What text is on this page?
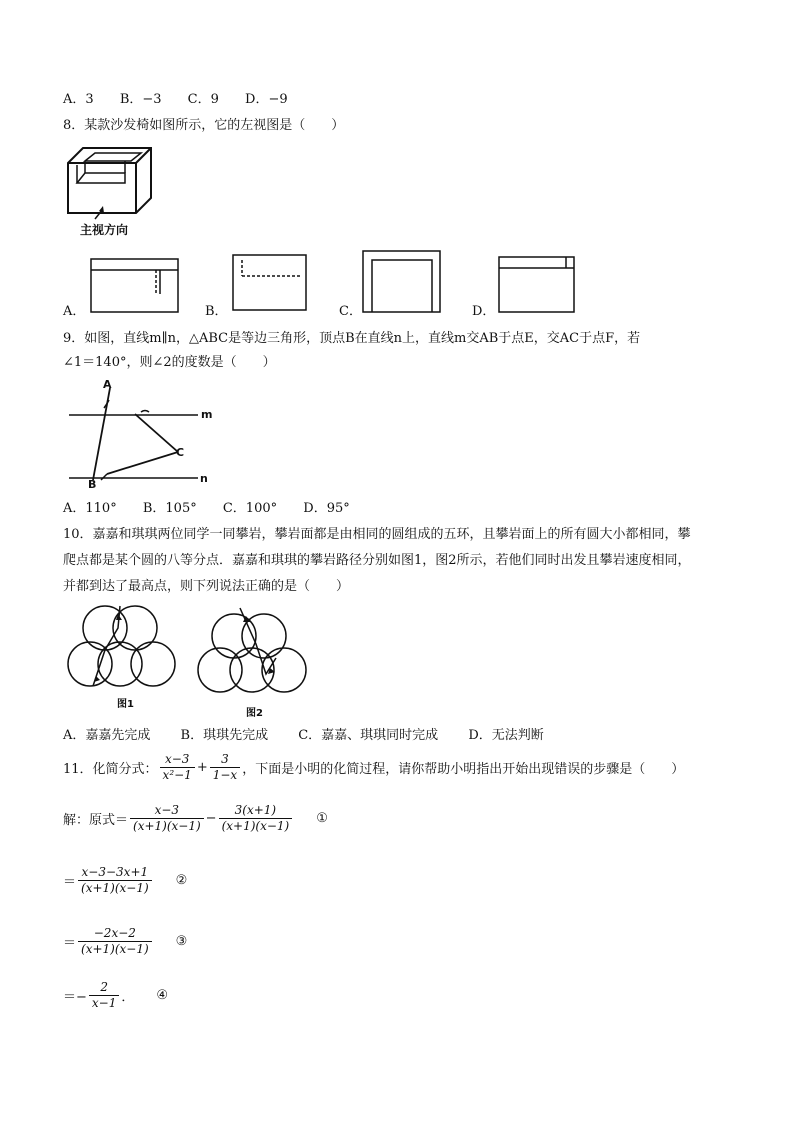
A．3 B．−3 C．9 D．−9
8．某款沙发椅如图所示，它的左视图是（　　）
主视方向
A．	B．	C．	D．
9．如图，直线m∥n，△ABC是等边三角形，顶点B在直线n上，直线m交AB于点E，交AC于点F，若
∠1＝140°，则∠2的度数是（　　）
A
m
C
n
B
A．110° B．105° C．100° D．95°
10．嘉嘉和琪琪两位同学一同攀岩，攀岩面都是由相同的圆组成的五环，且攀岩面上的所有圆大小都相同，攀
爬点都是某个圆的八等分点．嘉嘉和琪琪的攀岩路径分别如图1，图2所示，若他们同时出发且攀岩速度相同，
并都到达了最高点，则下列说法正确的是（　　）
图1
图2
A．嘉嘉先完成 B．琪琪先完成 C．嘉嘉、琪琪同时完成 D．无法判断
11．化简分式： $\frac{x-3}{\text{x²−1}} + \frac{3}{1-x}$ ，下面是小明的化简过程，请你帮助小明指出开始出现错误的步骤是（　　）
解：原式＝ $\frac{x-3}{(x+1)(x-1)} - \frac{3(x+1)}{(x+1)(x-1)}$ ①
＝ $\frac{x-3-3x+1}{(x+1)(x-1)}$ ②
＝ $\frac{-2x-2}{(x+1)(x-1)}$ ③
＝− $\frac{2}{x-1}$ ． ④
